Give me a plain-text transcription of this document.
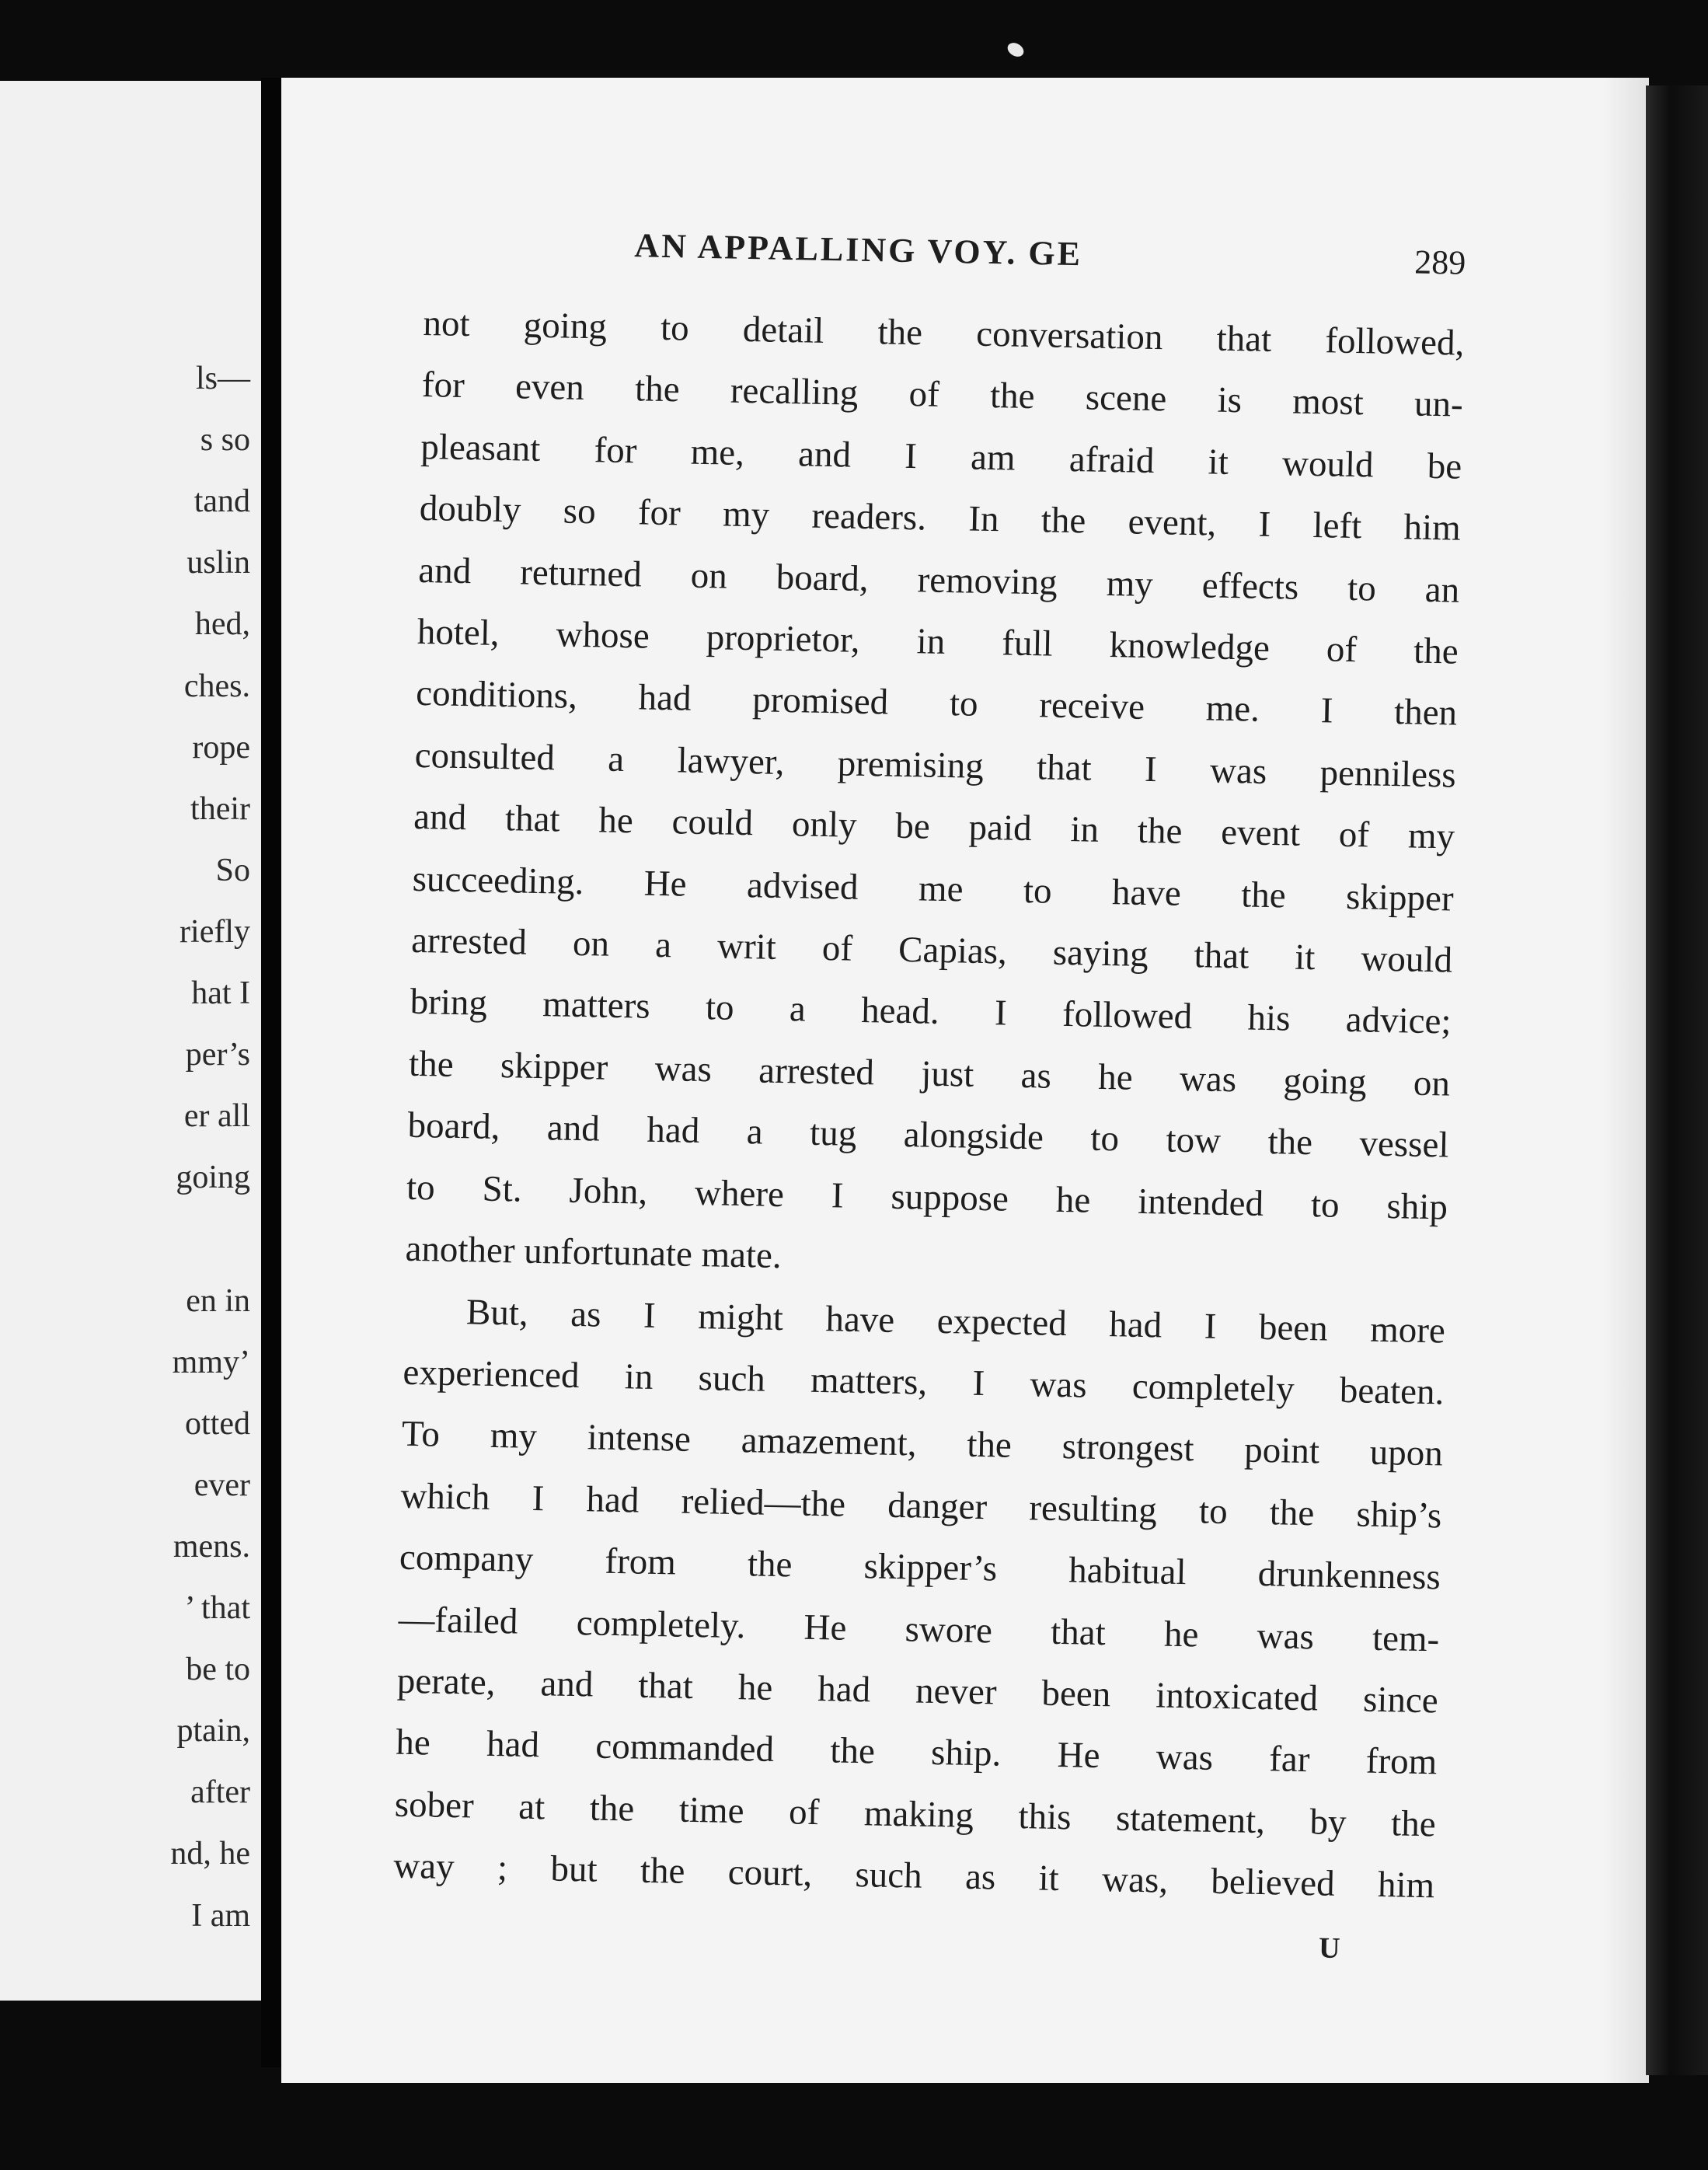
ls—
s so
tand
uslin
hed,
ches.
rope
their
So
riefly
hat I
per’s
er all
going
en in
mmy’
otted
ever
mens.
’ that
be to
ptain,
after
nd, he
I am
AN APPALLING VOY. GE	289
not going to detail the conversation that followed,
for even the recalling of the scene is most un-
pleasant for me, and I am afraid it would be
doubly so for my readers. In the event, I left him
and returned on board, removing my effects to an
hotel, whose proprietor, in full knowledge of the
conditions, had promised to receive me. I then
consulted a lawyer, premising that I was penniless
and that he could only be paid in the event of my
succeeding. He advised me to have the skipper
arrested on a writ of Capias, saying that it would
bring matters to a head. I followed his advice;
the skipper was arrested just as he was going on
board, and had a tug alongside to tow the vessel
to St. John, where I suppose he intended to ship
another unfortunate mate.
But, as I might have expected had I been more
experienced in such matters, I was completely beaten.
To my intense amazement, the strongest point upon
which I had relied—the danger resulting to the ship’s
company from the skipper’s habitual drunkenness
—failed completely. He swore that he was tem-
perate, and that he had never been intoxicated since
he had commanded the ship. He was far from
sober at the time of making this statement, by the
way ; but the court, such as it was, believed him
U
